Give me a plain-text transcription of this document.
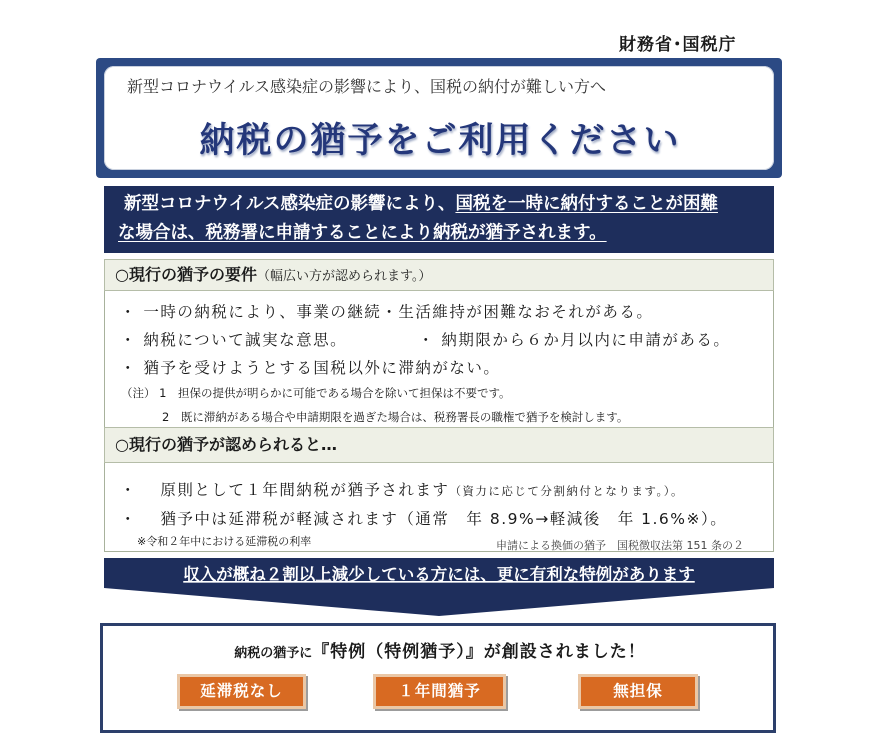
財務省･国税庁
新型コロナウイルス感染症の影響により、国税の納付が難しい方へ
納税の猶予をご利用ください
新型コロナウイルス感染症の影響により、国税を一時に納付することが困難
な場合は、税務署に申請することにより納税が猶予されます。
○現行の猶予の要件（幅広い方が認められます。）
・ 一時の納税により、事業の継続・生活維持が困難なおそれがある。
・ 納税について誠実な意思。	・ 納期限から６か月以内に申請がある。
・ 猶予を受けようとする国税以外に滞納がない。
（注） 1　担保の提供が明らかに可能である場合を除いて担保は不要です。
2　既に滞納がある場合や申請期限を過ぎた場合は、税務署長の職権で猶予を検討します。
○現行の猶予が認められると…
・　 原則として１年間納税が猶予されます（資力に応じて分割納付となります。）。
・　 猶予中は延滞税が軽減されます（通常　年 8.9%→軽減後　年 1.6%※）。
※令和２年中における延滞税の利率	申請による換価の猶予　国税徴収法第 151 条の２
収入が概ね２割以上減少している方には、更に有利な特例があります
納税の猶予に『特例（特例猶予）』が創設されました！
延滞税なし	１年間猶予	無担保
